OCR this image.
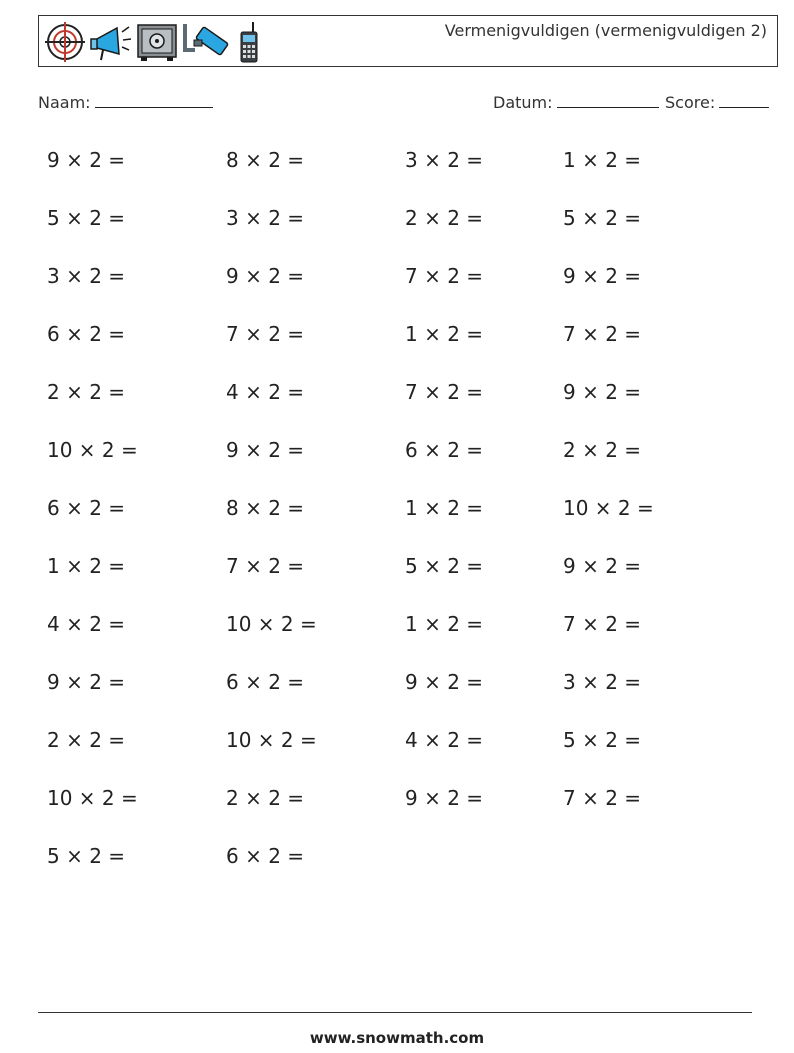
Vermenigvuldigen (vermenigvuldigen 2)
Naam:	Datum:	Score:
9 × 2 =	8 × 2 =	3 × 2 =	1 × 2 =
5 × 2 =	3 × 2 =	2 × 2 =	5 × 2 =
3 × 2 =	9 × 2 =	7 × 2 =	9 × 2 =
6 × 2 =	7 × 2 =	1 × 2 =	7 × 2 =
2 × 2 =	4 × 2 =	7 × 2 =	9 × 2 =
10 × 2 =	9 × 2 =	6 × 2 =	2 × 2 =
6 × 2 =	8 × 2 =	1 × 2 =	10 × 2 =
1 × 2 =	7 × 2 =	5 × 2 =	9 × 2 =
4 × 2 =	10 × 2 =	1 × 2 =	7 × 2 =
9 × 2 =	6 × 2 =	9 × 2 =	3 × 2 =
2 × 2 =	10 × 2 =	4 × 2 =	5 × 2 =
10 × 2 =	2 × 2 =	9 × 2 =	7 × 2 =
5 × 2 =	6 × 2 =
www.snowmath.com
